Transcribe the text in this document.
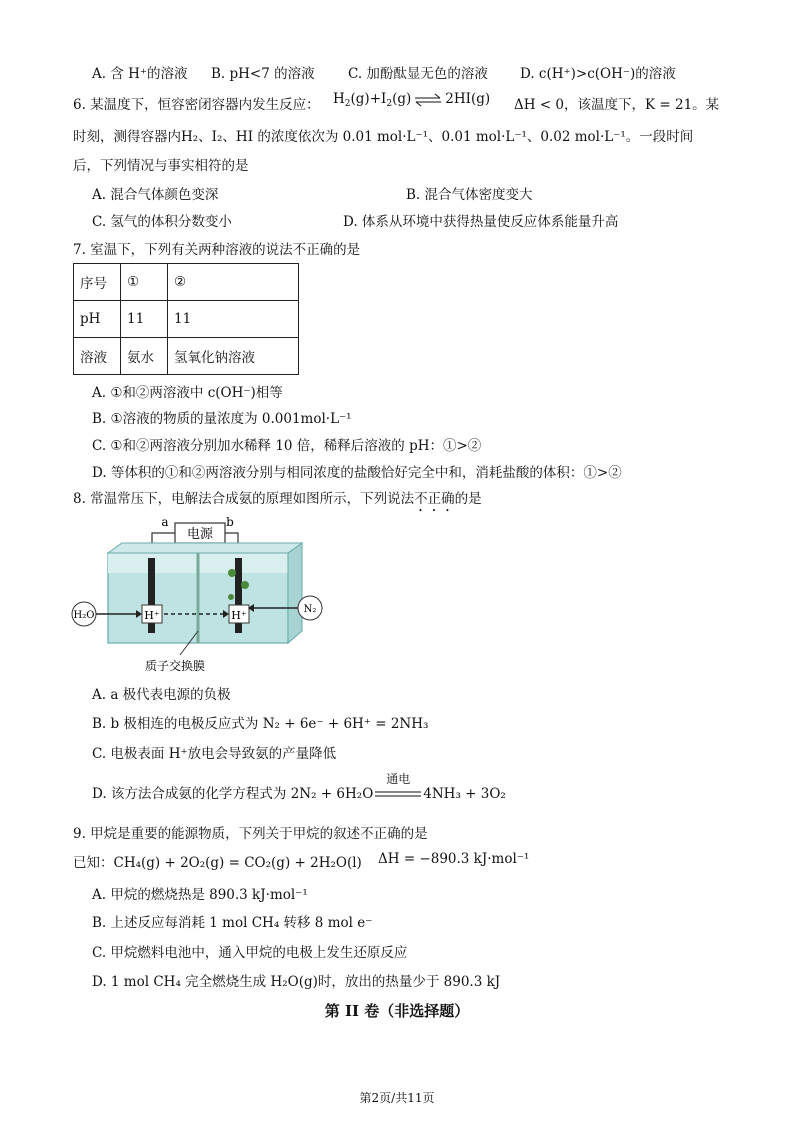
A. 含 H⁺的溶液 B. pH<7 的溶液 C. 加酚酞显无色的溶液 D. c(H⁺)>c(OH⁻)的溶液
6. 某温度下，恒容密闭容器内发生反应： $H_2(g)+I_2(g)$ ⇌ 2HI(g) ΔH < 0，该温度下，K = 21。某
时刻，测得容器内H₂、I₂、HI 的浓度依次为 0.01 mol·L⁻¹、0.01 mol·L⁻¹、0.02 mol·L⁻¹。一段时间
后，下列情况与事实相符的是
A. 混合气体颜色变深	B. 混合气体密度变大
C. 氢气的体积分数变小	D. 体系从环境中获得热量使反应体系能量升高
7. 室温下，下列有关两种溶液的说法不正确的是
序号	①	②
pH	11	11
溶液	氨水	氢氧化钠溶液
A. ①和②两溶液中 c(OH⁻)相等
B. ①溶液的物质的量浓度为 0.001mol·L⁻¹
C. ①和②两溶液分别加水稀释 10 倍，稀释后溶液的 pH：①>②
D. 等体积的①和②两溶液分别与相同浓度的盐酸恰好完全中和，消耗盐酸的体积：①>②
8. 常温常压下，电解法合成氨的原理如图所示，下列说法不正确的是
电源
a	b
H⁺	H⁺
H₂O
N₂
质子交换膜
A. a 极代表电源的负极
B. b 极相连的电极反应式为 N₂ + 6e⁻ + 6H⁺ = 2NH₃
C. 电极表面 H⁺放电会导致氨的产量降低
D. 该方法合成氨的化学方程式为 2N₂ + 6H₂O
通电
4NH₃ + 3O₂
9. 甲烷是重要的能源物质，下列关于甲烷的叙述不正确的是
已知：CH₄(g) + 2O₂(g) = CO₂(g) + 2H₂O(l) ΔH = −890.3 kJ·mol⁻¹
A. 甲烷的燃烧热是 890.3 kJ·mol⁻¹
B. 上述反应每消耗 1 mol CH₄ 转移 8 mol e⁻
C. 甲烷燃料电池中，通入甲烷的电极上发生还原反应
D. 1 mol CH₄ 完全燃烧生成 H₂O(g)时，放出的热量少于 890.3 kJ
第 II 卷（非选择题）
第2页/共11页
